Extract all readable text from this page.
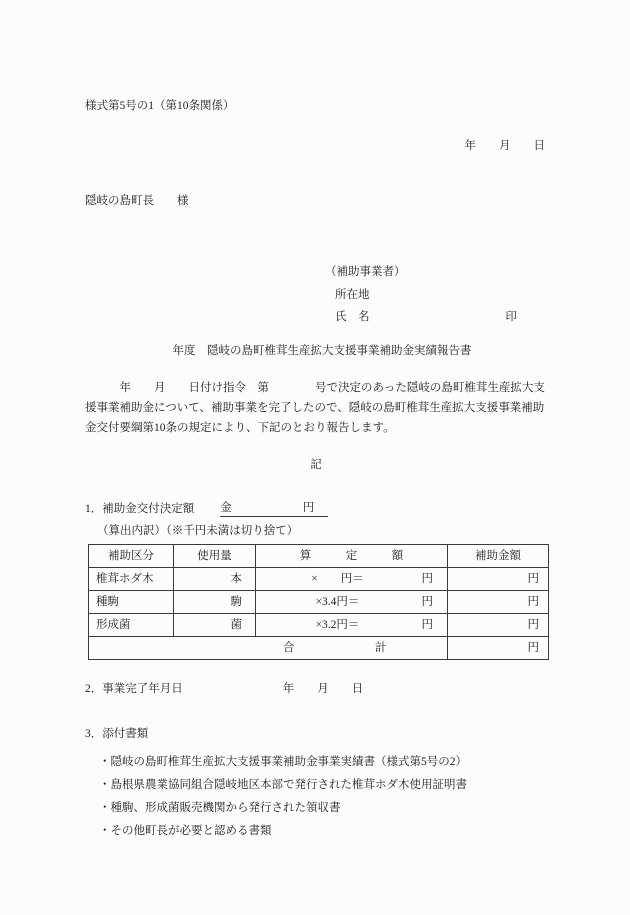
様式第5号の1（第10条関係）
年　　月　　日
隠岐の島町長　　様
（補助事業者）
所在地
氏　名	印
年度　隠岐の島町椎茸生産拡大支援事業補助金実績報告書
　　　年　　月　　日付け指令　第　　　　号で決定のあった隠岐の島町椎茸生産拡大支
援事業補助金について、補助事業を完了したので、隠岐の島町椎茸生産拡大支援事業補助
金交付要綱第10条の規定により、下記のとおり報告します。
記
1．補助金交付決定額 金	円
（算出内訳）（※千円未満は切り捨て）
補助区分	使用量	算　　　定　　　額	補助金額
椎茸ホダ木	本	×　　円＝ 円	円
種駒	駒	×3.4円＝ 円	円
形成菌	菌	×3.2円＝ 円	円
合　　　　　　　計			円
2．事業完了年月日	年　　月　　日
3．添付書類
・隠岐の島町椎茸生産拡大支援事業補助金事業実績書（様式第5号の2）
・島根県農業協同組合隠岐地区本部で発行された椎茸ホダ木使用証明書
・種駒、形成菌販売機関から発行された領収書
・その他町長が必要と認める書類
